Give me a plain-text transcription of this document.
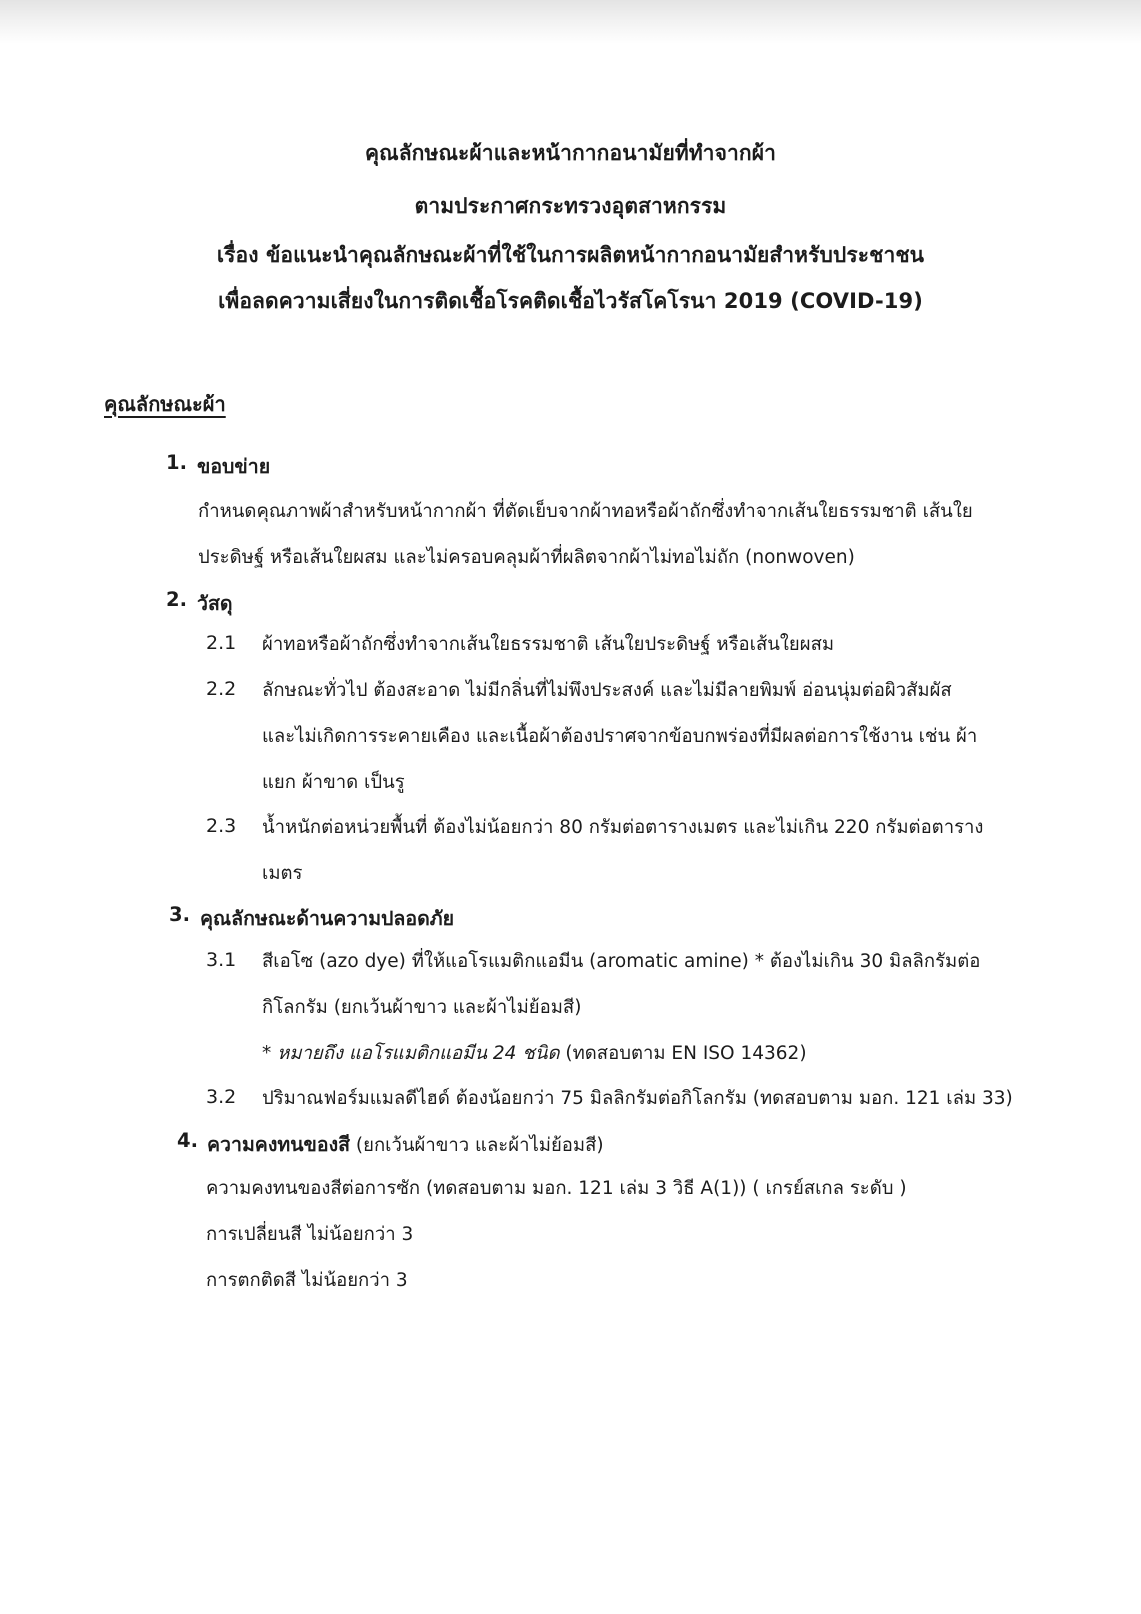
คุณลักษณะผ้าและหน้ากากอนามัยที่ทำจากผ้า
ตามประกาศกระทรวงอุตสาหกรรม
เรื่อง ข้อแนะนำคุณลักษณะผ้าที่ใช้ในการผลิตหน้ากากอนามัยสำหรับประชาชน
เพื่อลดความเสี่ยงในการติดเชื้อโรคติดเชื้อไวรัสโคโรนา 2019 (COVID-19)
คุณลักษณะผ้า
1. ขอบข่าย
กำหนดคุณภาพผ้าสำหรับหน้ากากผ้า ที่ตัดเย็บจากผ้าทอหรือผ้าถักซึ่งทำจากเส้นใยธรรมชาติ เส้นใย
ประดิษฐ์ หรือเส้นใยผสม และไม่ครอบคลุมผ้าที่ผลิตจากผ้าไม่ทอไม่ถัก (nonwoven)
2. วัสดุ
2.1 ผ้าทอหรือผ้าถักซึ่งทำจากเส้นใยธรรมชาติ เส้นใยประดิษฐ์ หรือเส้นใยผสม
2.2 ลักษณะทั่วไป ต้องสะอาด ไม่มีกลิ่นที่ไม่พึงประสงค์ และไม่มีลายพิมพ์ อ่อนนุ่มต่อผิวสัมผัส
และไม่เกิดการระคายเคือง และเนื้อผ้าต้องปราศจากข้อบกพร่องที่มีผลต่อการใช้งาน เช่น ผ้า
แยก ผ้าขาด เป็นรู
2.3 น้ำหนักต่อหน่วยพื้นที่ ต้องไม่น้อยกว่า 80 กรัมต่อตารางเมตร และไม่เกิน 220 กรัมต่อตาราง
เมตร
3. คุณลักษณะด้านความปลอดภัย
3.1 สีเอโซ (azo dye) ที่ให้แอโรแมติกแอมีน (aromatic amine) * ต้องไม่เกิน 30 มิลลิกรัมต่อ
กิโลกรัม (ยกเว้นผ้าขาว และผ้าไม่ย้อมสี)
* หมายถึง แอโรแมติกแอมีน 24 ชนิด (ทดสอบตาม EN ISO 14362)
3.2 ปริมาณฟอร์มแมลดีไฮด์ ต้องน้อยกว่า 75 มิลลิกรัมต่อกิโลกรัม (ทดสอบตาม มอก. 121 เล่ม 33)
4. ความคงทนของสี (ยกเว้นผ้าขาว และผ้าไม่ย้อมสี)
ความคงทนของสีต่อการซัก (ทดสอบตาม มอก. 121 เล่ม 3 วิธี A(1)) ( เกรย์สเกล ระดับ )
การเปลี่ยนสี ไม่น้อยกว่า 3
การตกติดสี ไม่น้อยกว่า 3
